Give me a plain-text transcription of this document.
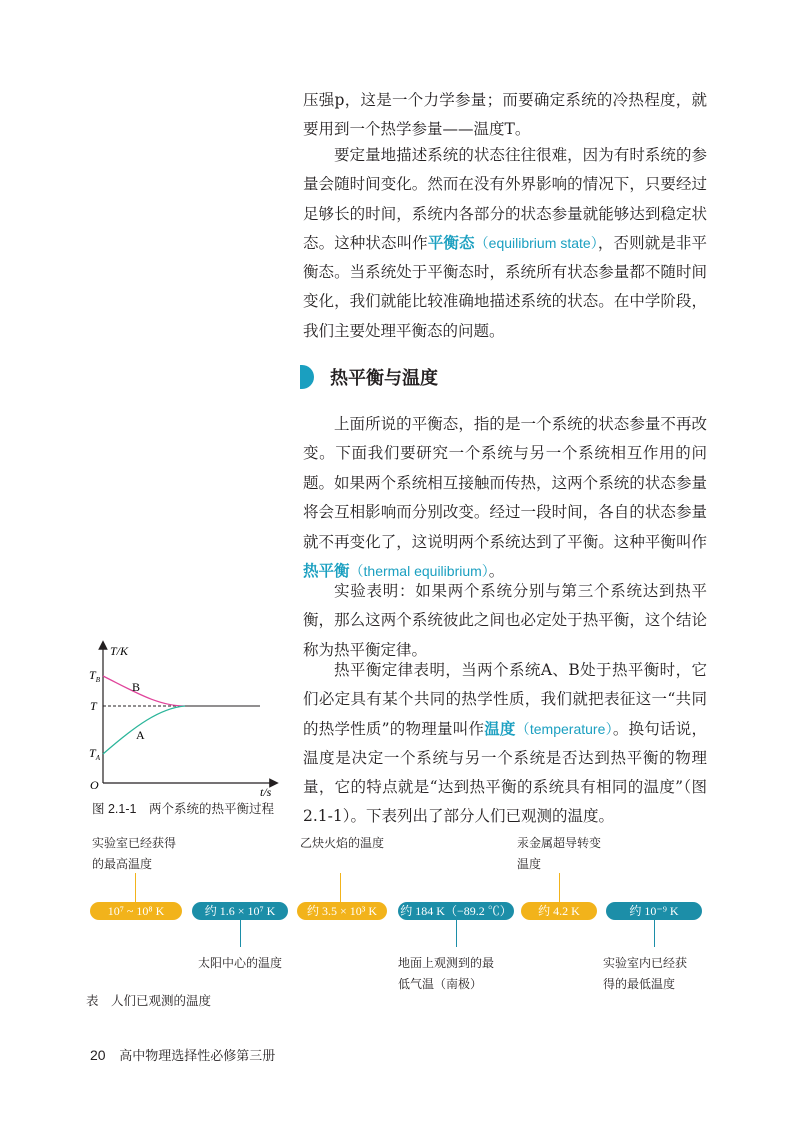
压强p，这是一个力学参量；而要确定系统的冷热程度，就要用到一个热学参量——温度T。

要定量地描述系统的状态往往很难，因为有时系统的参量会随时间变化。然而在没有外界影响的情况下，只要经过足够长的时间，系统内各部分的状态参量就能够达到稳定状态。这种状态叫作平衡态（equilibrium state），否则就是非平衡态。当系统处于平衡态时，系统所有状态参量都不随时间变化，我们就能比较准确地描述系统的状态。在中学阶段，我们主要处理平衡态的问题。

热平衡与温度

上面所说的平衡态，指的是一个系统的状态参量不再改变。下面我们要研究一个系统与另一个系统相互作用的问题。 如果两个系统相互接触而传热，这两个系统的状态参量将会互相影响而分别改变。经过一段时间，各自的状态参量就不再变化了，这说明两个系统达到了平衡。这种平衡叫作热平衡（thermal equilibrium）。

实验表明：如果两个系统分别与第三个系统达到热平衡，那么这两个系统彼此之间也必定处于热平衡，这个结论称为热平衡定律。

热平衡定律表明，当两个系统A、B处于热平衡时，它们必定具有某个共同的热学性质，我们就把表征这一“共同的热学性质”的物理量叫作温度（temperature）。换句话说，温度是决定一个系统与另一个系统是否达到热平衡的物理量，它的特点就是“达到热平衡的系统具有相同的温度”（图2.1-1）。下表列出了部分人们已观测的温度。

T/K
t/s
O
$T_B$
T
$T_A$
B
A
图 2.1-1　两个系统的热平衡过程
实验室已经获得
的最高温度
乙炔火焰的温度	汞金属超导转变
温度
10⁷ ~ 10⁸ K	约 1.6 × 10⁷ K	约 3.5 × 10³ K	约 184 K（−89.2 ℃）	约 4.2 K	约 10⁻⁹ K
太阳中心的温度	地面上观测到的最
低气温（南极）
实验室内已经获
得的最低温度
表　人们已观测的温度
20 高中物理选择性必修第三册
